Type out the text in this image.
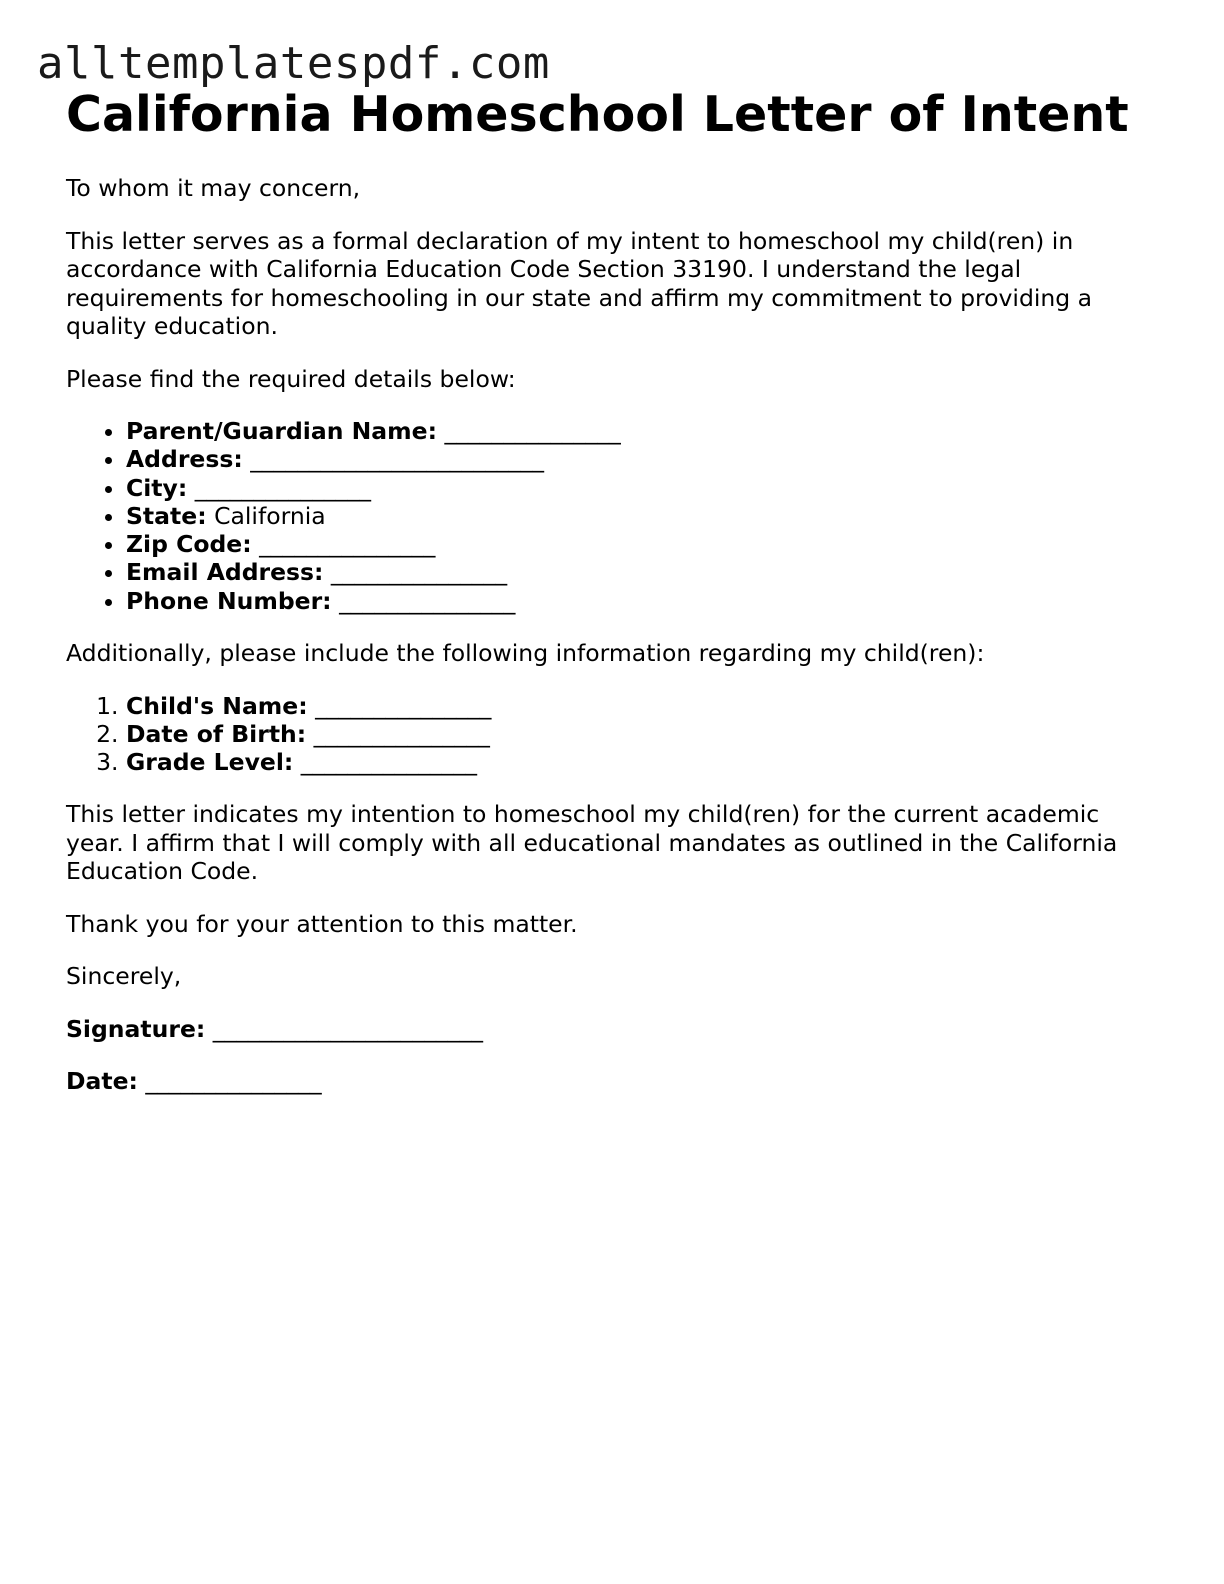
alltemplatespdf.com
California Homeschool Letter of Intent

To whom it may concern,

This letter serves as a formal declaration of my intent to homeschool my child(ren) in accordance with California Education Code Section 33190. I understand the legal requirements for homeschooling in our state and affirm my commitment to providing a quality education.

Please find the required details below:

• Parent/Guardian Name: _______________
• Address: _________________________
• City: _______________
• State: California
• Zip Code: _______________
• Email Address: _______________
• Phone Number: _______________

Additionally, please include the following information regarding my child(ren):

1. Child's Name: _______________
2. Date of Birth: _______________
3. Grade Level: _______________

This letter indicates my intention to homeschool my child(ren) for the current academic year. I affirm that I will comply with all educational mandates as outlined in the California Education Code.

Thank you for your attention to this matter.

Sincerely,

Signature: _______________________

Date: _______________
